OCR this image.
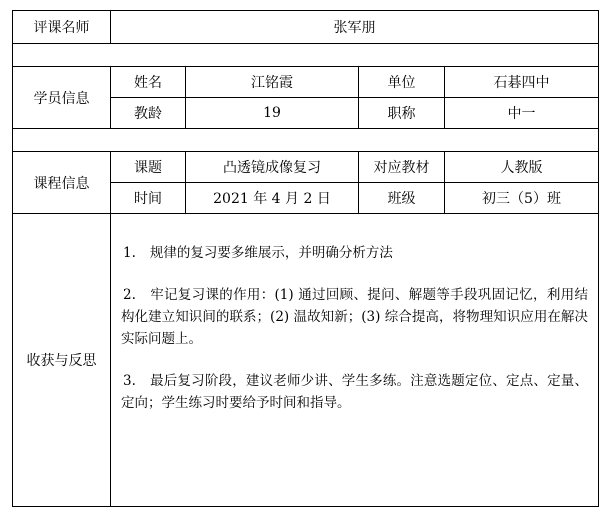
评课名师	张军朋			

学员信息	姓名	江铭霞	单位	石碁四中
	教龄	19	职称	中一

课程信息	课题	凸透镜成像复习	对应教材	人教版
	时间	2021 年 4 月 2 日	班级	初三（5）班
收获与反思	1. 规律的复习要多维展示，并明确分析方法
2. 牢记复习课的作用：(1) 通过回顾、提问、解题等手段巩固记忆，利用结构化建立知识间的联系；(2) 温故知新；(3) 综合提高，将物理知识应用在解决实际问题上。
3. 最后复习阶段，建议老师少讲、学生多练。注意选题定位、定点、定量、定向；学生练习时要给予时间和指导。			
